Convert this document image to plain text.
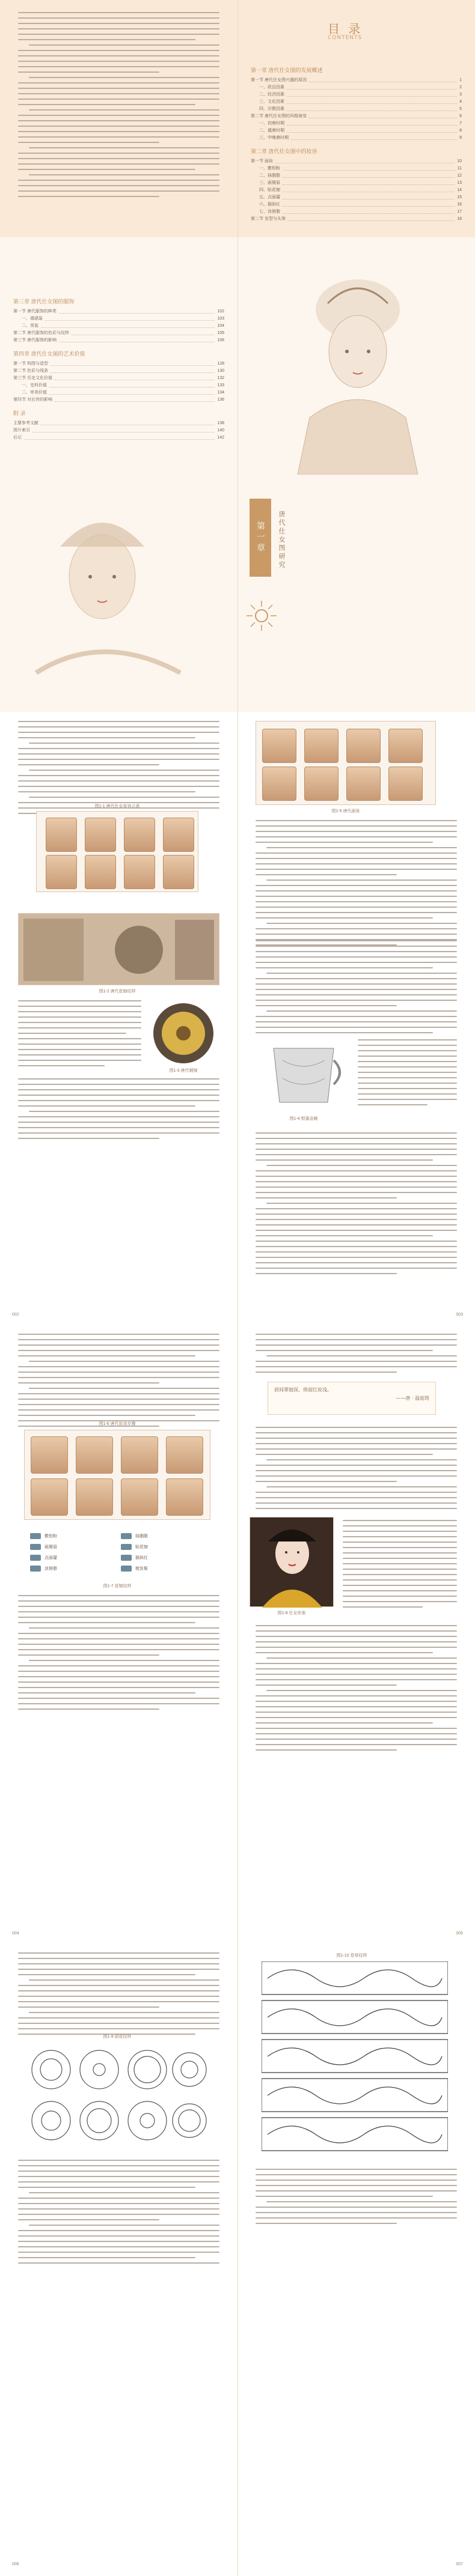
目 录
CONTENTS
第一章 唐代仕女图的发展概述
第一节 唐代仕女图兴盛的原因	1
一、政治因素	2
二、经济因素	3
三、文化因素	4
四、宗教因素	5
第二节 唐代仕女图的风格演变	6
一、初唐时期	7
二、盛唐时期	8
三、中晚唐时期	9
第二章 唐代仕女图中的妆容
第一节 面妆	10
一、敷铅粉	11
二、抹胭脂	12
三、画黛眉	13
四、贴花钿	14
五、点面靥	15
六、描斜红	16
七、涂唇脂	17
第二节 发型与头饰	18
第三章 唐代仕女图的服饰
第一节 唐代服饰的种类	102
一、襦裙装	103
二、男装	104
第二节 唐代服饰的色彩与纹样	105
第三节 唐代服饰的影响	106
第四章 唐代仕女图的艺术价值
第一节 构图与造型	128
第二节 色彩与线条	130
第三节 历史文化价值	132
一、史料价值	133
二、审美价值	134
第四节 对后世的影响	136
附 录
主要参考文献	138
图片索引	140
后记	142
第一章	唐代仕女图研究
图1-1 唐代仕女妆容示意
图1-2 唐代花钿纹样
图1-3 唐代铜镜
002
图1-5 唐代面妆
图1-4 银鎏金碗
003
图1-6 唐代妆容步骤
敷铅粉	抹胭脂
画黛眉	贴花钿
点面靥	描斜红
涂唇脂	梳发髻
图1-7 花钿纹样
004
眉间翠钿深，倚面红妆浅。
——唐 · 温庭筠
图1-8 仕女形象
005
图1-9 团花纹样
006
图1-10 卷草纹样
007
